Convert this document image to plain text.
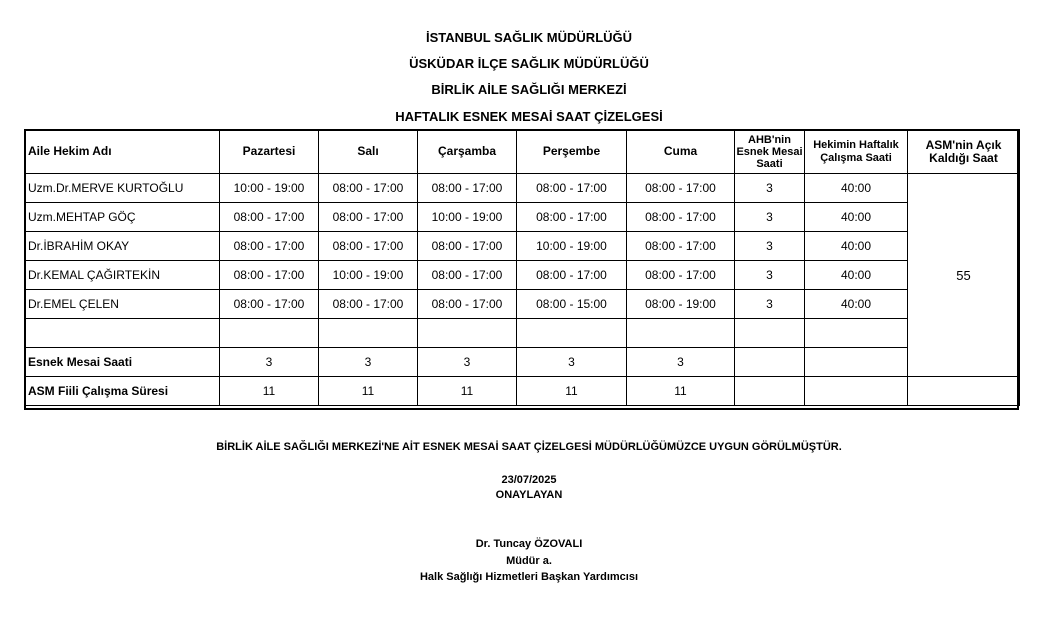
İSTANBUL SAĞLIK MÜDÜRLÜĞÜ
ÜSKÜDAR İLÇE SAĞLIK MÜDÜRLÜĞÜ
BİRLİK AİLE SAĞLIĞI MERKEZİ
HAFTALIK ESNEK MESAİ SAAT ÇİZELGESİ
Aile Hekim Adı	Pazartesi	Salı	Çarşamba	Perşembe	Cuma	AHB'nin Esnek Mesai Saati	Hekimin Haftalık Çalışma Saati	ASM'nin Açık Kaldığı Saat
Uzm.Dr.MERVE KURTOĞLU	10:00 - 19:00	08:00 - 17:00	08:00 - 17:00	08:00 - 17:00	08:00 - 17:00	3	40:00	55
Uzm.MEHTAP GÖÇ	08:00 - 17:00	08:00 - 17:00	10:00 - 19:00	08:00 - 17:00	08:00 - 17:00	3	40:00	
Dr.İBRAHİM OKAY	08:00 - 17:00	08:00 - 17:00	08:00 - 17:00	10:00 - 19:00	08:00 - 17:00	3	40:00	
Dr.KEMAL ÇAĞIRTEKİN	08:00 - 17:00	10:00 - 19:00	08:00 - 17:00	08:00 - 17:00	08:00 - 17:00	3	40:00	
Dr.EMEL ÇELEN	08:00 - 17:00	08:00 - 17:00	08:00 - 17:00	08:00 - 15:00	08:00 - 19:00	3	40:00	

Esnek Mesai Saati	3	3	3	3	3			
ASM Fiili Çalışma Süresi	11	11	11	11	11			
BİRLİK AİLE SAĞLIĞI MERKEZİ'NE AİT ESNEK MESAİ SAAT ÇİZELGESİ MÜDÜRLÜĞÜMÜZCE UYGUN GÖRÜLMÜŞTÜR.
23/07/2025
ONAYLAYAN
Dr. Tuncay ÖZOVALI
Müdür a.
Halk Sağlığı Hizmetleri Başkan Yardımcısı
